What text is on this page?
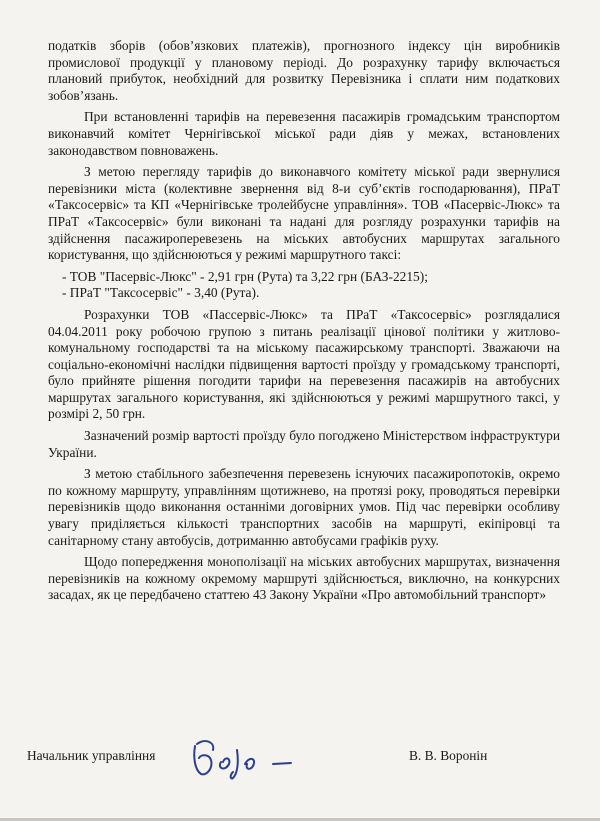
податків зборів (обов’язкових платежів), прогнозного індексу цін виробників промислової продукції у плановому періоді. До розрахунку тарифу включається плановий прибуток, необхідний для розвитку Перевізника і сплати ним податкових зобов’язань.

При встановленні тарифів на перевезення пасажирів громадським транспортом виконавчий комітет Чернігівської міської ради діяв у межах, встановлених законодавством повноважень.

З метою перегляду тарифів до виконавчого комітету міської ради звернулися перевізники міста (колективне звернення від 8-и суб’єктів господарювання), ПРаТ «Таксосервіс» та КП «Чернігівське тролейбусне управління». ТОВ «Пасервіс-Люкс» та ПРаТ «Таксосервіс» були виконані та надані для розгляду розрахунки тарифів на здійснення пасажироперевезень на міських автобусних маршрутах загального користування, що здійснюються у режимі маршрутного таксі:

- ТОВ "Пасервіс-Люкс" - 2,91 грн (Рута) та 3,22 грн (БАЗ-2215);
- ПРаТ "Таксосервіс" - 3,40 (Рута).

Розрахунки ТОВ «Пассервіс-Люкс» та ПРаТ «Таксосервіс» розглядалися 04.04.2011 року робочою групою з питань реалізації цінової політики у житлово-комунальному господарстві та на міському пасажирському транспорті. Зважаючи на соціально-економічні наслідки підвищення вартості проїзду у громадському транспорті, було прийняте рішення погодити тарифи на перевезення пасажирів на автобусних маршрутах загального користування, які здійснюються у режимі маршрутного таксі, у розмірі 2, 50 грн.

Зазначений розмір вартості проїзду було погоджено Міністерством інфраструктури України.

З метою стабільного забезпечення перевезень існуючих пасажиропотоків, окремо по кожному маршруту, управлінням щотижнево, на протязі року, проводяться перевірки перевізників щодо виконання останніми договірних умов. Під час перевірки особливу увагу приділяється кількості транспортних засобів на маршруті, екіпіровці та санітарному стану автобусів, дотриманню автобусами графіків руху.

Щодо попередження монополізації на міських автобусних маршрутах, визначення перевізників на кожному окремому маршруті здійснюється, виключно, на конкурсних засадах, як це передбачено статтею 43 Закону України «Про автомобільний транспорт»

Начальник управління	В. В. Воронін
